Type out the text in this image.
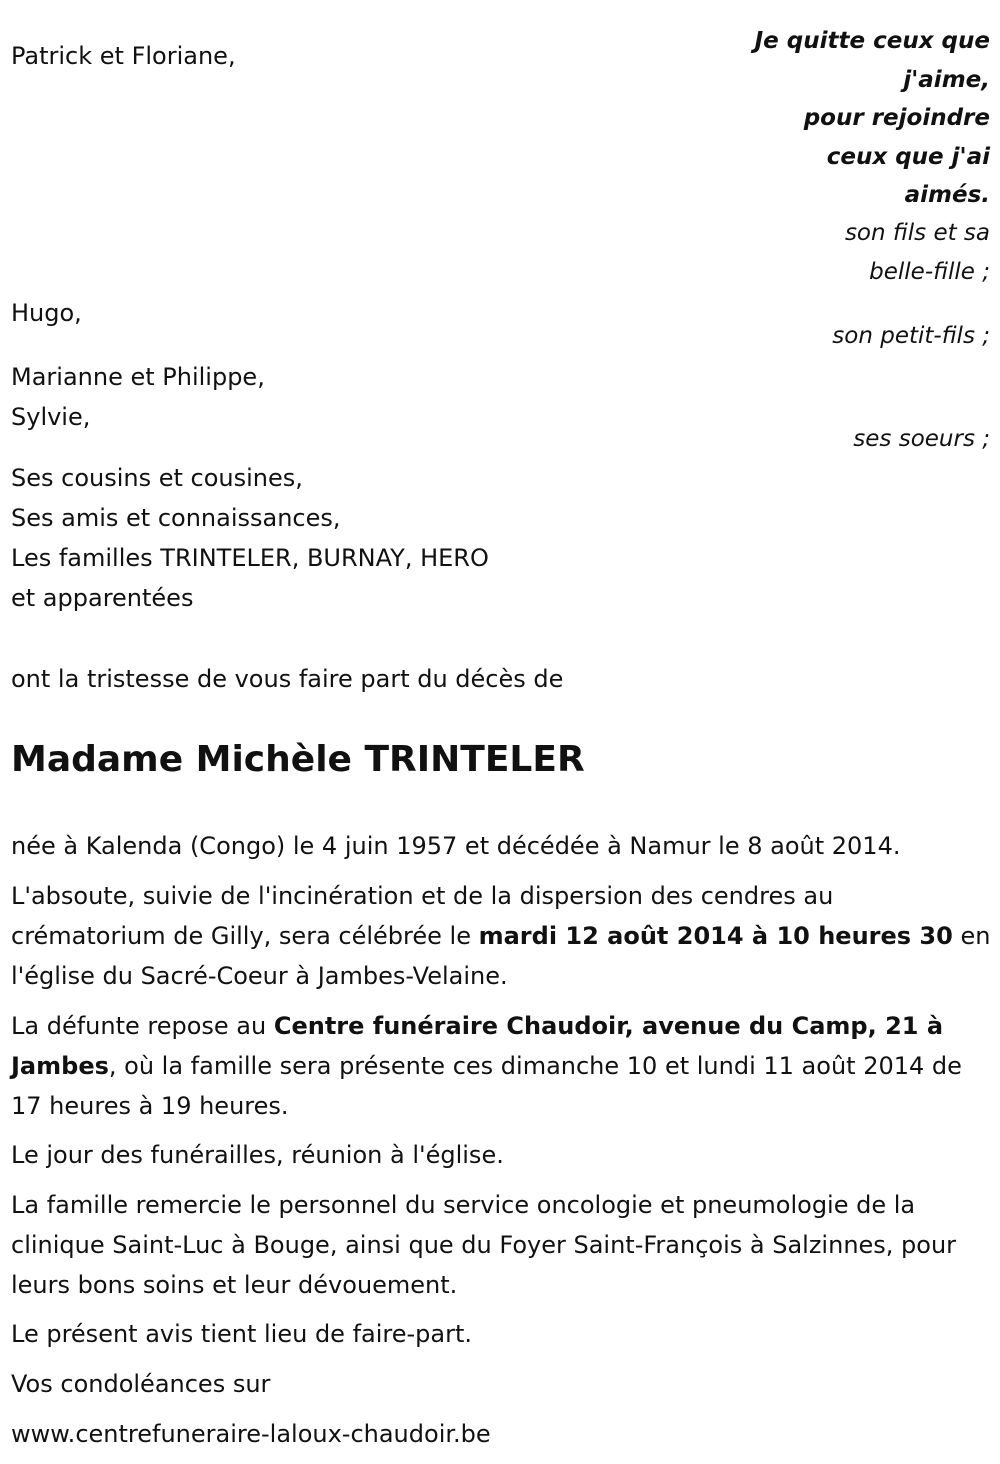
Je quitte ceux que
j'aime,
pour rejoindre
ceux que j'ai
aimés.
Patrick et Floriane,
son fils et sa
belle-fille ;
Hugo,
son petit-fils ;
Marianne et Philippe,
Sylvie,
ses soeurs ;
Ses cousins et cousines,
Ses amis et connaissances,
Les familles TRINTELER, BURNAY, HERO
et apparentées
ont la tristesse de vous faire part du décès de
Madame Michèle TRINTELER
née à Kalenda (Congo) le 4 juin 1957 et décédée à Namur le 8 août 2014.
L'absoute, suivie de l'incinération et de la dispersion des cendres au crématorium de Gilly, sera célébrée le mardi 12 août 2014 à 10 heures 30 en l'église du Sacré-Coeur à Jambes-Velaine.
La défunte repose au Centre funéraire Chaudoir, avenue du Camp, 21 à Jambes, où la famille sera présente ces dimanche 10 et lundi 11 août 2014 de 17 heures à 19 heures.
Le jour des funérailles, réunion à l'église.
La famille remercie le personnel du service oncologie et pneumologie de la clinique Saint-Luc à Bouge, ainsi que du Foyer Saint-François à Salzinnes, pour leurs bons soins et leur dévouement.
Le présent avis tient lieu de faire-part.
Vos condoléances sur
www.centrefuneraire-laloux-chaudoir.be
